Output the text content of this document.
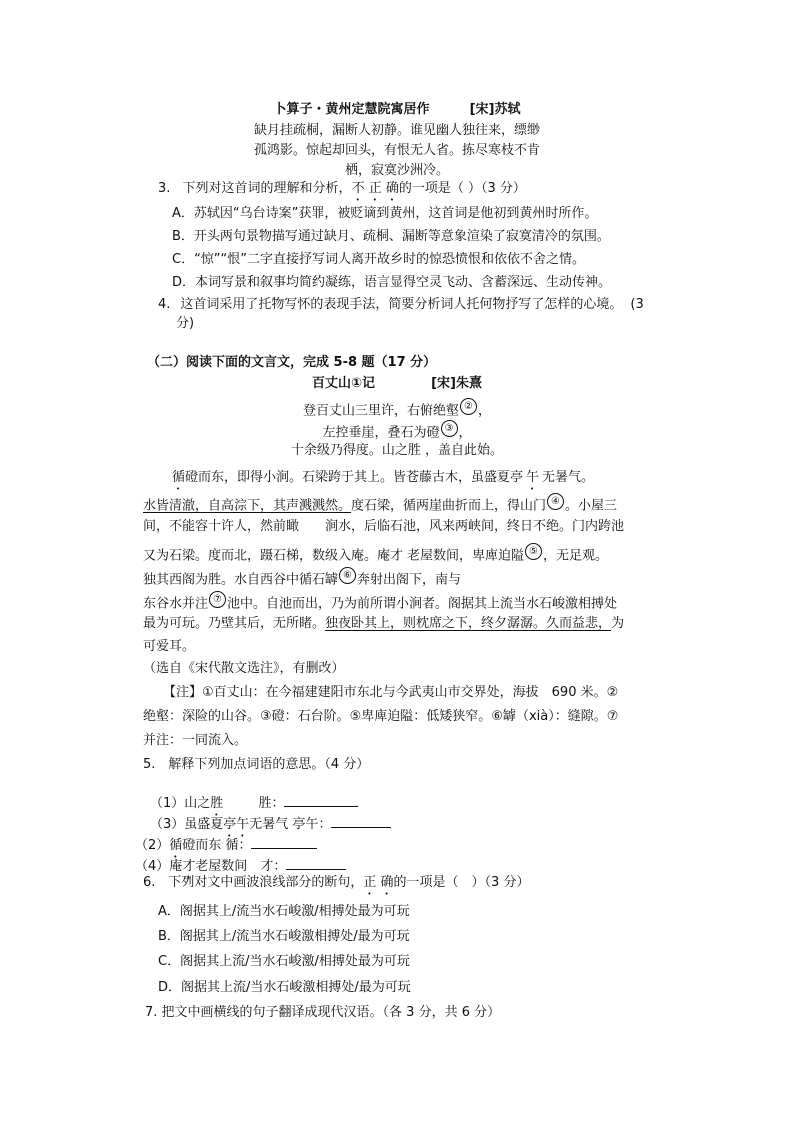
卜算子・黄州定慧院寓居作	[宋]苏轼
缺月挂疏桐，漏断人初静。谁见幽人独往来，缥缈
孤鸿影。惊起却回头，有恨无人省。拣尽寒枝不肯
栖，寂寞沙洲冷。
3. 下列对这首词的理解和分析，不 正 确的一项是（ ）（3 分）
A．苏轼因“乌台诗案”获罪，被贬谪到黄州，这首词是他初到黄州时所作。
B．开头两句景物描写通过缺月、疏桐、漏断等意象渲染了寂寞清冷的氛围。
C．“惊”“恨”二字直接抒写词人离开故乡时的惊恐愤恨和依依不舍之情。
D．本词写景和叙事均简约凝练，语言显得空灵飞动、含蓄深远、生动传神。
4. 这首词采用了托物写怀的表现手法，简要分析词人托何物抒写了怎样的心境。 (3
分)
（二）阅读下面的文言文，完成 5-8 题（17 分）
百丈山①记	[宋]朱熹
登百丈山三里许，右俯绝壑 ② ，
左控垂崖，叠石为磴 ③ ，
十余级乃得度。山之胜 ，盖自此始。
循磴而东，即得小涧。石梁跨于其上。皆苍藤古木，虽盛夏亭 午 无暑气。
水皆清澈，自高淙下，其声溅溅然。度石梁，循两崖曲折而上，得山门 ④ 。小屋三
间，不能容十许人，然前瞰　　涧水，后临石池，风来两峡间，终日不绝。门内跨池
又为石梁。度而北，蹑石梯，数级入庵。庵才 老屋数间，卑庳迫隘 ⑤ ，无足观。
独其西阁为胜。水自西谷中循石罅 ⑥ 奔射出阁下，南与
东谷水并注 ⑦ 池中。自池而出，乃为前所谓小涧者。阁据其上流当水石峻激相搏处
最为可玩。乃壁其后，无所睹。独夜卧其上，则枕席之下，终夕潺潺。久而益悲，为
可爱耳。
（选自《宋代散文选注》，有删改）
【注】①百丈山：在今福建建阳市东北与今武夷山市交界处，海拔　690 米。②
绝壑：深险的山谷。③磴：石台阶。⑤卑庳迫隘：低矮狭窄。⑥罅（xià）：缝隙。⑦
并注：一同流入。
5.　解释下列加点词语的意思。（4 分）
（1）山之胜　	胜：
（3）虽盛夏亭午无暑气 亭午：
（2）循磴而东 循：
（4）庵才老屋数间　才：
6.　下列对文中画波浪线部分的断句，正 确的一项是（　）（3 分）
A．阁据其上/流当水石峻激/相搏处最为可玩
B．阁据其上/流当水石峻激相搏处/最为可玩
C．阁据其上流/当水石峻激/相搏处最为可玩
D．阁据其上流/当水石峻激相搏处/最为可玩
7. 把文中画横线的句子翻译成现代汉语。（各 3 分，共 6 分）
